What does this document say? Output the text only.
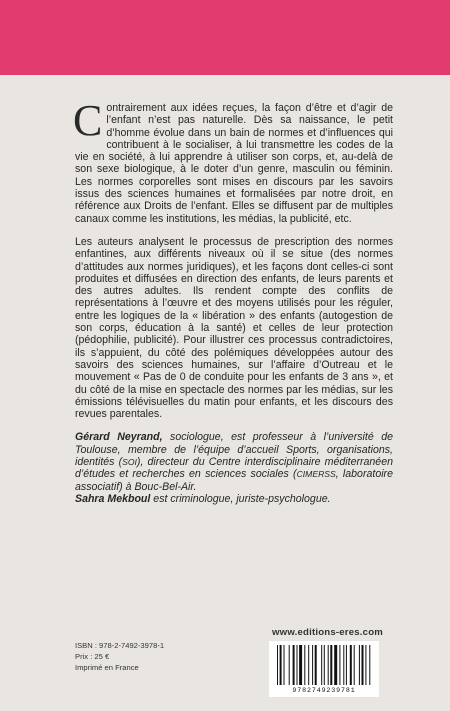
Contrairement aux idées reçues, la façon d’être et d’agir de l’enfant n’est pas naturelle. Dès sa naissance, le petit d’homme évolue dans un bain de normes et d’influences qui contribuent à le socialiser, à lui transmettre les codes de la vie en société, à lui apprendre à utiliser son corps, et, au-delà de son sexe biologique, à le doter d’un genre, masculin ou féminin. Les normes corporelles sont mises en discours par les savoirs issus des sciences humaines et formalisées par notre droit, en référence aux Droits de l’enfant. Elles se diffusent par de multiples canaux comme les institutions, les médias, la publicité, etc.

Les auteurs analysent le processus de prescription des normes enfantines, aux différents niveaux où il se situe (des normes d’attitudes aux normes juridiques), et les façons dont celles-ci sont produites et diffusées en direction des enfants, de leurs parents et des autres adultes. Ils rendent compte des conflits de représentations à l’œuvre et des moyens utilisés pour les réguler, entre les logiques de la « libération » des enfants (autogestion de son corps, éducation à la santé) et celles de leur protection (pédophilie, publicité). Pour illustrer ces processus contradictoires, ils s’appuient, du côté des polémiques développées autour des savoirs des sciences humaines, sur l’affaire d’Outreau et le mouvement « Pas de 0 de conduite pour les enfants de 3 ans », et du côté de la mise en spectacle des normes par les médias, sur les émissions télévisuelles du matin pour enfants, et les discours des revues parentales.

Gérard Neyrand, sociologue, est professeur à l’université de Toulouse, membre de l’équipe d’accueil Sports, organisations, identités (SOI), directeur du Centre interdisciplinaire méditerranéen d’études et recherches en sciences sociales (CIMERSS, laboratoire associatif) à Bouc-Bel-Air.
Sahra Mekboul est criminologue, juriste-psychologue.

ISBN : 978-2-7492-3978-1
Prix : 25 €
Imprimé en France
www.editions-eres.com
9782749239781
